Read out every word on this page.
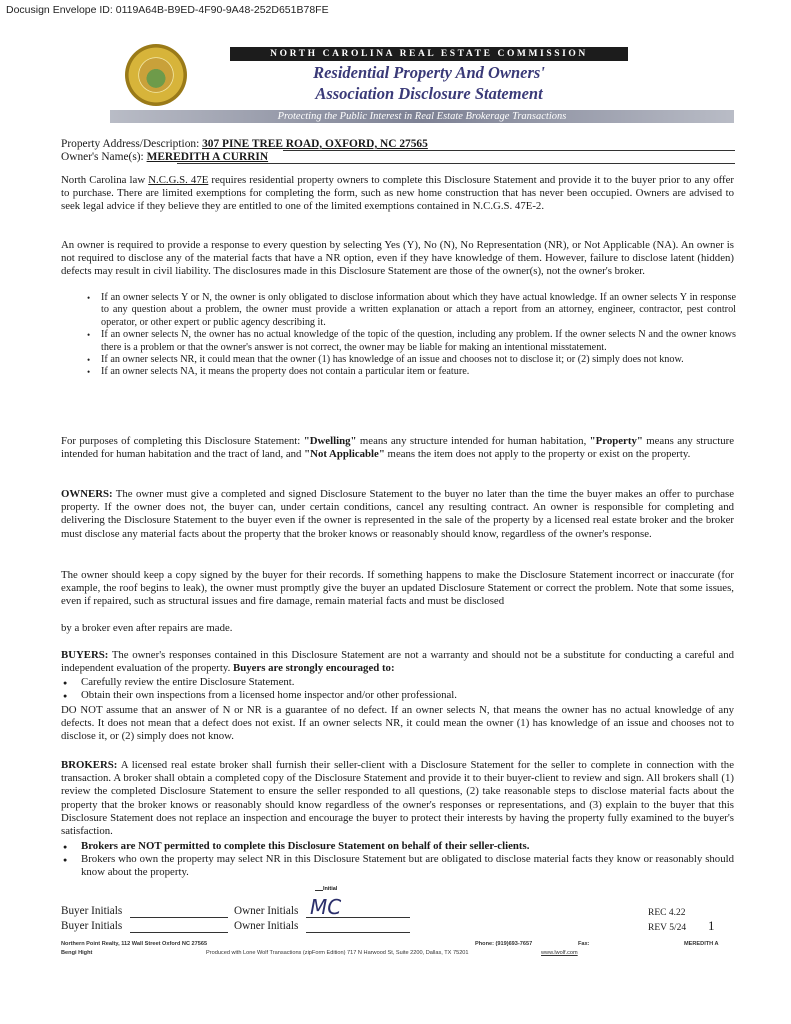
Docusign Envelope ID: 0119A64B-B9ED-4F90-9A48-252D651B78FE
NORTH CAROLINA REAL ESTATE COMMISSION
Residential Property And Owners'
Association Disclosure Statement
Protecting the Public Interest in Real Estate Brokerage Transactions
Property Address/Description: 307 PINE TREE ROAD, OXFORD, NC 27565
Owner's Name(s): MEREDITH A CURRIN
North Carolina law N.C.G.S. 47E requires residential property owners to complete this Disclosure Statement and provide it to the buyer prior to any offer to purchase. There are limited exemptions for completing the form, such as new home construction that has never been occupied. Owners are advised to seek legal advice if they believe they are entitled to one of the limited exemptions contained in N.C.G.S. 47E-2.
An owner is required to provide a response to every question by selecting Yes (Y), No (N), No Representation (NR), or Not Applicable (NA). An owner is not required to disclose any of the material facts that have a NR option, even if they have knowledge of them. However, failure to disclose latent (hidden) defects may result in civil liability. The disclosures made in this Disclosure Statement are those of the owner(s), not the owner's broker.
• If an owner selects Y or N, the owner is only obligated to disclose information about which they have actual knowledge. If an owner selects Y in response to any question about a problem, the owner must provide a written explanation or attach a report from an attorney, engineer, contractor, pest control operator, or other expert or public agency describing it.
• If an owner selects N, the owner has no actual knowledge of the topic of the question, including any problem. If the owner selects N and the owner knows there is a problem or that the owner's answer is not correct, the owner may be liable for making an intentional misstatement.
• If an owner selects NR, it could mean that the owner (1) has knowledge of an issue and chooses not to disclose it; or (2) simply does not know.
• If an owner selects NA, it means the property does not contain a particular item or feature.
For purposes of completing this Disclosure Statement: "Dwelling" means any structure intended for human habitation, "Property" means any structure intended for human habitation and the tract of land, and "Not Applicable" means the item does not apply to the property or exist on the property.
OWNERS: The owner must give a completed and signed Disclosure Statement to the buyer no later than the time the buyer makes an offer to purchase property. If the owner does not, the buyer can, under certain conditions, cancel any resulting contract. An owner is responsible for completing and delivering the Disclosure Statement to the buyer even if the owner is represented in the sale of the property by a licensed real estate broker and the broker must disclose any material facts about the property that the broker knows or reasonably should know, regardless of the owner's response.
The owner should keep a copy signed by the buyer for their records. If something happens to make the Disclosure Statement incorrect or inaccurate (for example, the roof begins to leak), the owner must promptly give the buyer an updated Disclosure Statement or correct the problem. Note that some issues, even if repaired, such as structural issues and fire damage, remain material facts and must be disclosed
by a broker even after repairs are made.
BUYERS: The owner's responses contained in this Disclosure Statement are not a warranty and should not be a substitute for conducting a careful and independent evaluation of the property. Buyers are strongly encouraged to:
● Carefully review the entire Disclosure Statement.
● Obtain their own inspections from a licensed home inspector and/or other professional.
DO NOT assume that an answer of N or NR is a guarantee of no defect. If an owner selects N, that means the owner has no actual knowledge of any defects. It does not mean that a defect does not exist. If an owner selects NR, it could mean the owner (1) has knowledge of an issue and chooses not to disclose it, or (2) simply does not know.
BROKERS: A licensed real estate broker shall furnish their seller-client with a Disclosure Statement for the seller to complete in connection with the transaction. A broker shall obtain a completed copy of the Disclosure Statement and provide it to their buyer-client to review and sign. All brokers shall (1) review the completed Disclosure Statement to ensure the seller responded to all questions, (2) take reasonable steps to disclose material facts about the property that the broker knows or reasonably should know regardless of the owner's responses or representations, and (3) explain to the buyer that this Disclosure Statement does not replace an inspection and encourage the buyer to protect their interests by having the property fully examined to the buyer's satisfaction.
● Brokers are NOT permitted to complete this Disclosure Statement on behalf of their seller-clients.
● Brokers who own the property may select NR in this Disclosure Statement but are obligated to disclose material facts they know or reasonably should know about the property.
Initial
Buyer Initials	Owner Initials MC
Buyer Initials	Owner Initials
REC 4.22
REV 5/24 1
Northern Point Realty, 112 Wall Street Oxford NC 27565
Bengi Hight
Phone: (919)693-7657	Fax:	MEREDITH A
Produced with Lone Wolf Transactions (zipForm Edition) 717 N Harwood St, Suite 2200, Dallas, TX 75201	www.lwolf.com
